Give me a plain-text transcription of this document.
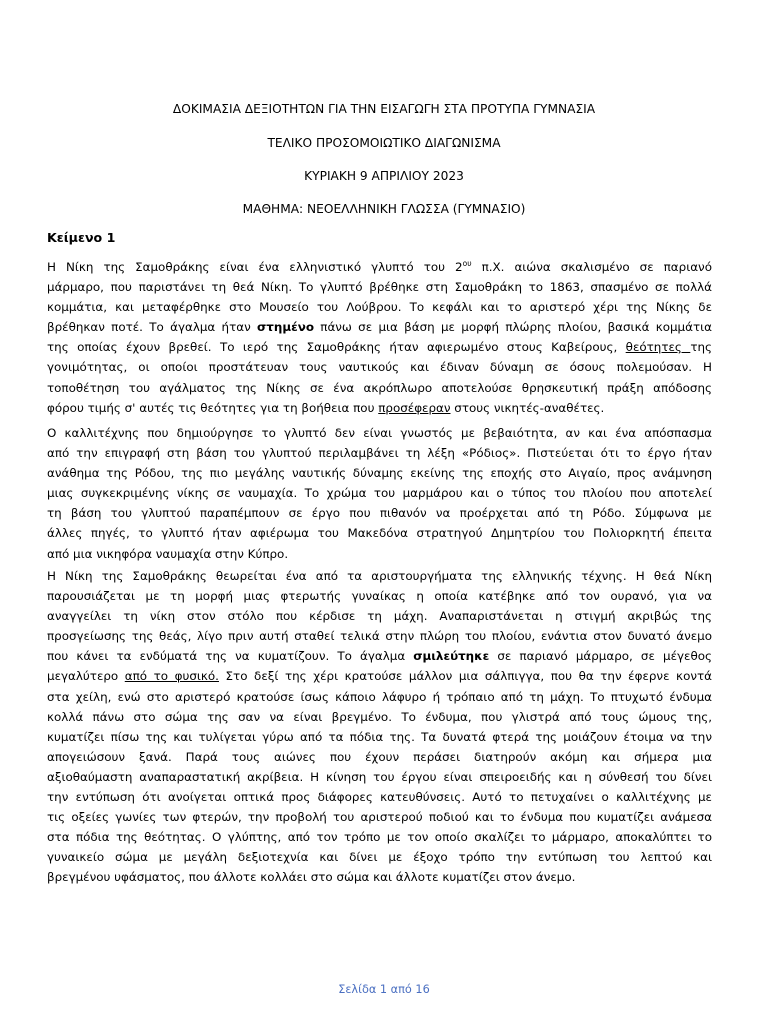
ΔΟΚΙΜΑΣΙΑ ΔΕΞΙΟΤΗΤΩΝ ΓΙΑ ΤΗΝ ΕΙΣΑΓΩΓΗ ΣΤΑ ΠΡΟΤΥΠΑ ΓΥΜΝΑΣΙΑ
ΤΕΛΙΚΟ ΠΡΟΣΟΜΟΙΩΤΙΚΟ ΔΙΑΓΩΝΙΣΜΑ
ΚΥΡΙΑΚΗ 9 ΑΠΡΙΛΙΟΥ 2023
ΜΑΘΗΜΑ: ΝΕΟΕΛΛΗΝΙΚΗ ΓΛΩΣΣΑ (ΓΥΜΝΑΣΙΟ)
Κείμενο 1
Η Νίκη της Σαμοθράκης είναι ένα ελληνιστικό γλυπτό του $2^{o\upsilon}$ π.Χ. αιώνα σκαλισμένο σε παριανό
μάρμαρο, που παριστάνει τη θεά Νίκη. Το γλυπτό βρέθηκε στη Σαμοθράκη το 1863, σπασμένο σε πολλά
κομμάτια, και μεταφέρθηκε στο Μουσείο του Λούβρου. Το κεφάλι και το αριστερό χέρι της Νίκης δε
βρέθηκαν ποτέ. Το άγαλμα ήταν στημένο πάνω σε μια βάση με μορφή πλώρης πλοίου, βασικά κομμάτια
της οποίας έχουν βρεθεί. Το ιερό της Σαμοθράκης ήταν αφιερωμένο στους Καβείρους, θεότητες της
γονιμότητας, οι οποίοι προστάτευαν τους ναυτικούς και έδιναν δύναμη σε όσους πολεμούσαν. Η
τοποθέτηση του αγάλματος της Νίκης σε ένα ακρόπλωρο αποτελούσε θρησκευτική πράξη απόδοσης
φόρου τιμής σ' αυτές τις θεότητες για τη βοήθεια που προσέφεραν στους νικητές-αναθέτες.
Ο καλλιτέχνης που δημιούργησε το γλυπτό δεν είναι γνωστός με βεβαιότητα, αν και ένα απόσπασμα
από την επιγραφή στη βάση του γλυπτού περιλαμβάνει τη λέξη «Ρόδιος». Πιστεύεται ότι το έργο ήταν
ανάθημα της Ρόδου, της πιο μεγάλης ναυτικής δύναμης εκείνης της εποχής στο Αιγαίο, προς ανάμνηση
μιας συγκεκριμένης νίκης σε ναυμαχία. Το χρώμα του μαρμάρου και ο τύπος του πλοίου που αποτελεί
τη βάση του γλυπτού παραπέμπουν σε έργο που πιθανόν να προέρχεται από τη Ρόδο. Σύμφωνα με
άλλες πηγές, το γλυπτό ήταν αφιέρωμα του Μακεδόνα στρατηγού Δημητρίου του Πολιορκητή έπειτα
από μια νικηφόρα ναυμαχία στην Κύπρο.
Η Νίκη της Σαμοθράκης θεωρείται ένα από τα αριστουργήματα της ελληνικής τέχνης. Η θεά Νίκη
παρουσιάζεται με τη μορφή μιας φτερωτής γυναίκας η οποία κατέβηκε από τον ουρανό, για να
αναγγείλει τη νίκη στον στόλο που κέρδισε τη μάχη. Αναπαριστάνεται η στιγμή ακριβώς της
προσγείωσης της θεάς, λίγο πριν αυτή σταθεί τελικά στην πλώρη του πλοίου, ενάντια στον δυνατό άνεμο
που κάνει τα ενδύματά της να κυματίζουν. Το άγαλμα σμιλεύτηκε σε παριανό μάρμαρο, σε μέγεθος
μεγαλύτερο από το φυσικό. Στο δεξί της χέρι κρατούσε μάλλον μια σάλπιγγα, που θα την έφερνε κοντά
στα χείλη, ενώ στο αριστερό κρατούσε ίσως κάποιο λάφυρο ή τρόπαιο από τη μάχη. Το πτυχωτό ένδυμα
κολλά πάνω στο σώμα της σαν να είναι βρεγμένο. Το ένδυμα, που γλιστρά από τους ώμους της,
κυματίζει πίσω της και τυλίγεται γύρω από τα πόδια της. Τα δυνατά φτερά της μοιάζουν έτοιμα να την
απογειώσουν ξανά. Παρά τους αιώνες που έχουν περάσει διατηρούν ακόμη και σήμερα μια
αξιοθαύμαστη αναπαραστατική ακρίβεια. Η κίνηση του έργου είναι σπειροειδής και η σύνθεσή του δίνει
την εντύπωση ότι ανοίγεται οπτικά προς διάφορες κατευθύνσεις. Αυτό το πετυχαίνει ο καλλιτέχνης με
τις οξείες γωνίες των φτερών, την προβολή του αριστερού ποδιού και το ένδυμα που κυματίζει ανάμεσα
στα πόδια της θεότητας. Ο γλύπτης, από τον τρόπο με τον οποίο σκαλίζει το μάρμαρο, αποκαλύπτει το
γυναικείο σώμα με μεγάλη δεξιοτεχνία και δίνει με έξοχο τρόπο την εντύπωση του λεπτού και
βρεγμένου υφάσματος, που άλλοτε κολλάει στο σώμα και άλλοτε κυματίζει στον άνεμο.
Σελίδα 1 από 16
